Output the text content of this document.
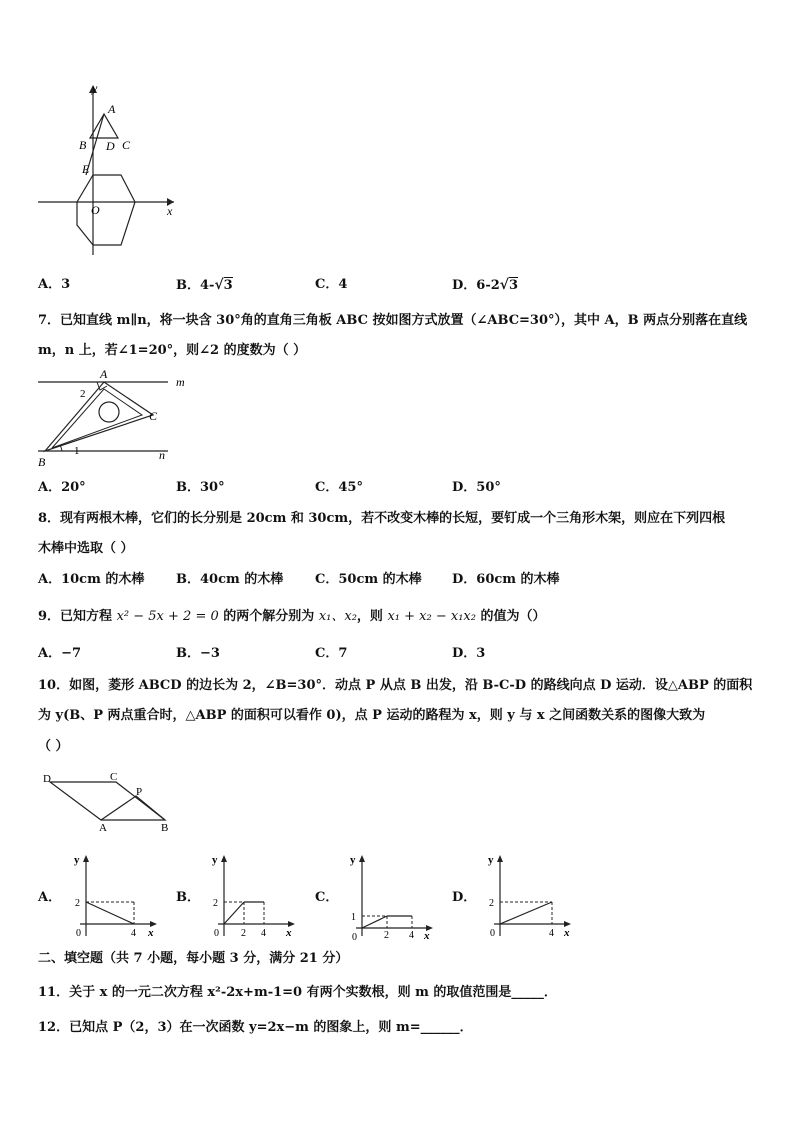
y
A
B D C
E
O	x
A．3	B．4-√3	C．4	D．6-2√3
7．已知直线 m∥n，将一块含 30°角的直角三角板 ABC 按如图方式放置（∠ABC=30°），其中 A，B 两点分别落在直线
m，n 上，若∠1=20°，则∠2 的度数为（ ）
m
n
A
B
C
1
2
A．20°	B．30°	C．45°	D．50°
8．现有两根木棒，它们的长分别是 20cm 和 30cm，若不改变木棒的长短，要钉成一个三角形木架，则应在下列四根
木棒中选取（ ）
A．10cm 的木棒 B．40cm 的木棒 C．50cm 的木棒 D．60cm 的木棒
9．已知方程 x² − 5x + 2 = 0 的两个解分别为 x₁、x₂，则 x₁ + x₂ − x₁x₂ 的值为（）
A．−7	B．−3	C．7	D．3
10．如图，菱形 ABCD 的边长为 2，∠B=30°．动点 P 从点 B 出发，沿 B-C-D 的路线向点 D 运动．设△ABP 的面积
为 y(B、P 两点重合时，△ABP 的面积可以看作 0)，点 P 运动的路程为 x，则 y 与 x 之间函数关系的图像大致为
（ ）
D	C
P
A	B
A．
y
x
0
2
4
B．
y
x
0
2
2 4
C．
y
x
0
1
2 4
D．
y
x
0
2
4
二、填空题（共 7 小题，每小题 3 分，满分 21 分）
11．关于 x 的一元二次方程 x²-2x+m-1=0 有两个实数根，则 m 的取值范围是_____．
12．已知点 P（2，3）在一次函数 y=2x−m 的图象上，则 m=______．
